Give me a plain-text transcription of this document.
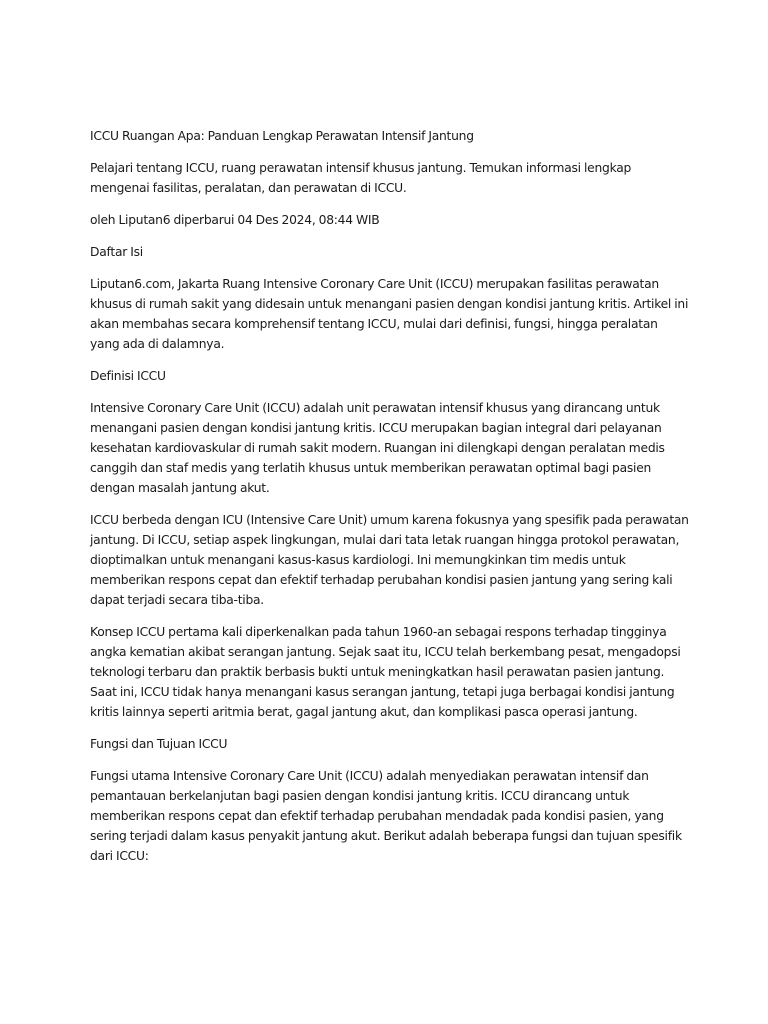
ICCU Ruangan Apa: Panduan Lengkap Perawatan Intensif Jantung

Pelajari tentang ICCU, ruang perawatan intensif khusus jantung. Temukan informasi lengkap mengenai fasilitas, peralatan, dan perawatan di ICCU.

oleh Liputan6 diperbarui 04 Des 2024, 08:44 WIB

Daftar Isi

Liputan6.com, Jakarta Ruang Intensive Coronary Care Unit (ICCU) merupakan fasilitas perawatan khusus di rumah sakit yang didesain untuk menangani pasien dengan kondisi jantung kritis. Artikel ini akan membahas secara komprehensif tentang ICCU, mulai dari definisi, fungsi, hingga peralatan yang ada di dalamnya.

Definisi ICCU

Intensive Coronary Care Unit (ICCU) adalah unit perawatan intensif khusus yang dirancang untuk menangani pasien dengan kondisi jantung kritis. ICCU merupakan bagian integral dari pelayanan kesehatan kardiovaskular di rumah sakit modern. Ruangan ini dilengkapi dengan peralatan medis canggih dan staf medis yang terlatih khusus untuk memberikan perawatan optimal bagi pasien dengan masalah jantung akut.

ICCU berbeda dengan ICU (Intensive Care Unit) umum karena fokusnya yang spesifik pada perawatan jantung. Di ICCU, setiap aspek lingkungan, mulai dari tata letak ruangan hingga protokol perawatan, dioptimalkan untuk menangani kasus-kasus kardiologi. Ini memungkinkan tim medis untuk memberikan respons cepat dan efektif terhadap perubahan kondisi pasien jantung yang sering kali dapat terjadi secara tiba-tiba.

Konsep ICCU pertama kali diperkenalkan pada tahun 1960-an sebagai respons terhadap tingginya angka kematian akibat serangan jantung. Sejak saat itu, ICCU telah berkembang pesat, mengadopsi teknologi terbaru dan praktik berbasis bukti untuk meningkatkan hasil perawatan pasien jantung. Saat ini, ICCU tidak hanya menangani kasus serangan jantung, tetapi juga berbagai kondisi jantung kritis lainnya seperti aritmia berat, gagal jantung akut, dan komplikasi pasca operasi jantung.

Fungsi dan Tujuan ICCU

Fungsi utama Intensive Coronary Care Unit (ICCU) adalah menyediakan perawatan intensif dan pemantauan berkelanjutan bagi pasien dengan kondisi jantung kritis. ICCU dirancang untuk memberikan respons cepat dan efektif terhadap perubahan mendadak pada kondisi pasien, yang sering terjadi dalam kasus penyakit jantung akut. Berikut adalah beberapa fungsi dan tujuan spesifik dari ICCU:
